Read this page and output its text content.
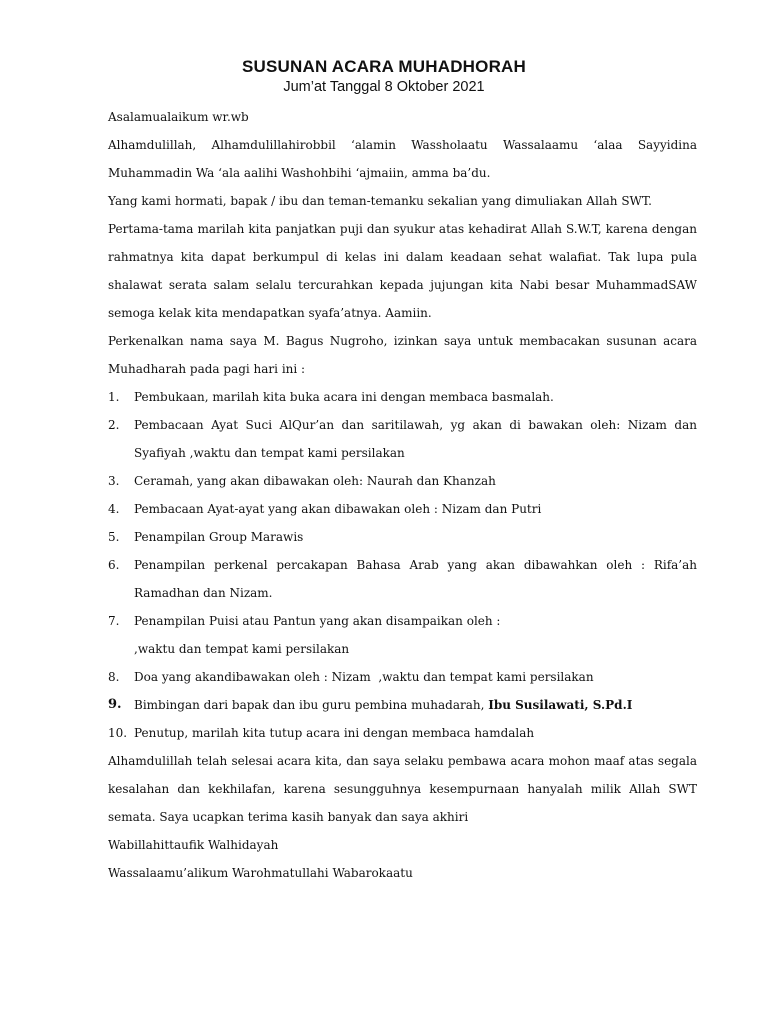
SUSUNAN ACARA MUHADHORAH
Jum’at Tanggal 8 Oktober 2021
Asalamualaikum wr.wb
Alhamdulillah, Alhamdulillahirobbil ‘alamin Wassholaatu Wassalaamu ‘alaa Sayyidina
Muhammadin Wa ‘ala aalihi Washohbihi ‘ajmaiin, amma ba’du.
Yang kami hormati, bapak / ibu dan teman-temanku sekalian yang dimuliakan Allah SWT.
Pertama-tama marilah kita panjatkan puji dan syukur atas kehadirat Allah S.W.T, karena dengan
rahmatnya kita dapat berkumpul di kelas ini dalam keadaan sehat walafiat. Tak lupa pula
shalawat serata salam selalu tercurahkan kepada jujungan kita Nabi besar MuhammadSAW
semoga kelak kita mendapatkan syafa’atnya. Aamiin.
Perkenalkan nama saya M. Bagus Nugroho, izinkan saya untuk membacakan susunan acara
Muhadharah pada pagi hari ini :
1.	Pembukaan, marilah kita buka acara ini dengan membaca basmalah.
2.	Pembacaan Ayat Suci AlQur’an dan saritilawah, yg akan di bawakan oleh: Nizam dan
Syafiyah ,waktu dan tempat kami persilakan
3.	Ceramah, yang akan dibawakan oleh: Naurah dan Khanzah
4.	Pembacaan Ayat-ayat yang akan dibawakan oleh : Nizam dan Putri
5.	Penampilan Group Marawis
6.	Penampilan perkenal percakapan Bahasa Arab yang akan dibawahkan oleh : Rifa’ah
Ramadhan dan Nizam.
7.	Penampilan Puisi atau Pantun yang akan disampaikan oleh :
,waktu dan tempat kami persilakan
8.	Doa yang akandibawakan oleh : Nizam  ,waktu dan tempat kami persilakan
9.	Bimbingan dari bapak dan ibu guru pembina muhadarah, Ibu Susilawati, S.Pd.I
10. Penutup, marilah kita tutup acara ini dengan membaca hamdalah
Alhamdulillah telah selesai acara kita, dan saya selaku pembawa acara mohon maaf atas segala
kesalahan dan kekhilafan, karena sesungguhnya kesempurnaan hanyalah milik Allah SWT
semata. Saya ucapkan terima kasih banyak dan saya akhiri
Wabillahittaufik Walhidayah
Wassalaamu’alikum Warohmatullahi Wabarokaatu
